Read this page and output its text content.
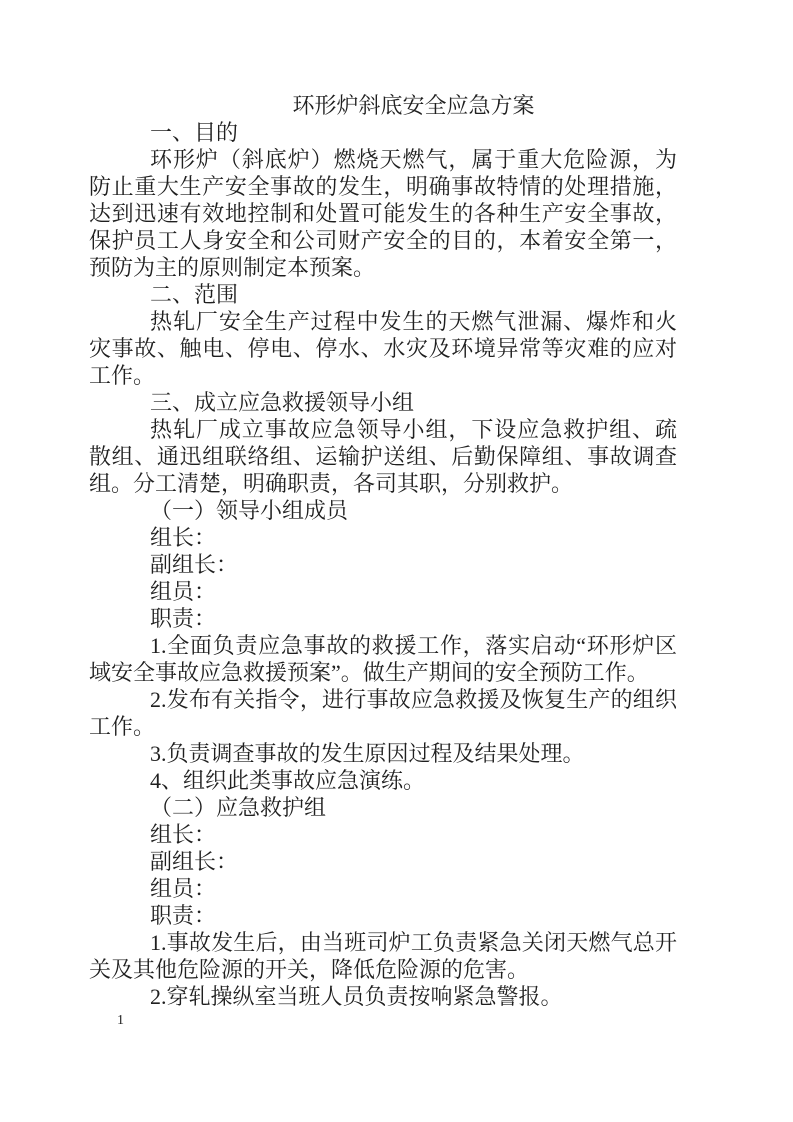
环形炉斜底安全应急方案

一、目的

环形炉（斜底炉）燃烧天燃气，属于重大危险源，为防止重大生产安全事故的发生，明确事故特情的处理措施，达到迅速有效地控制和处置可能发生的各种生产安全事故，保护员工人身安全和公司财产安全的目的，本着安全第一，预防为主的原则制定本预案。

二、范围

热轧厂安全生产过程中发生的天燃气泄漏、爆炸和火灾事故、触电、停电、停水、水灾及环境异常等灾难的应对工作。

三、成立应急救援领导小组

热轧厂成立事故应急领导小组，下设应急救护组、疏散组、通迅组联络组、运输护送组、后勤保障组、事故调查组。分工清楚，明确职责，各司其职，分别救护。

（一）领导小组成员

组长：

副组长：

组员：

职责：

1.全面负责应急事故的救援工作，落实启动“环形炉区域安全事故应急救援预案”。做生产期间的安全预防工作。

2.发布有关指令，进行事故应急救援及恢复生产的组织工作。

3.负责调查事故的发生原因过程及结果处理。

4、组织此类事故应急演练。

（二）应急救护组

组长：

副组长：

组员：

职责：

1.事故发生后，由当班司炉工负责紧急关闭天燃气总开关及其他危险源的开关，降低危险源的危害。

2.穿轧操纵室当班人员负责按响紧急警报。

1
